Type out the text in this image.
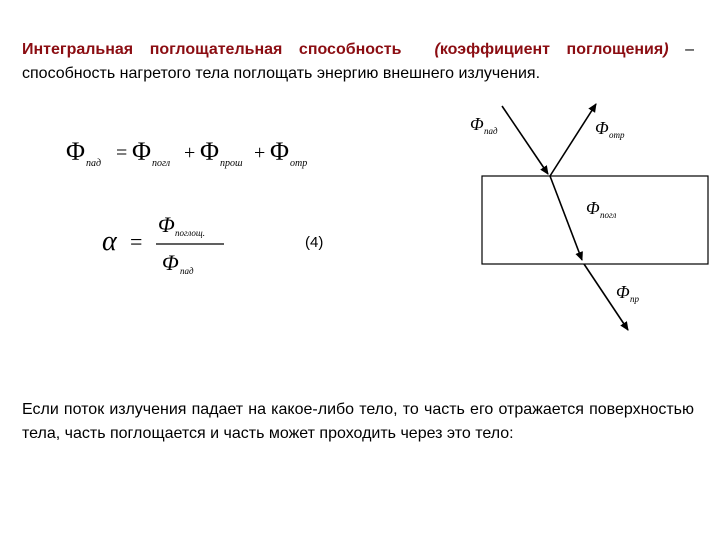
Интегральная поглощательная способность (коэффициент поглощения) – способность нагретого тела поглощать энергию внешнего излучения.
Φ пад = Φ погл + Φ прош + Φ отр
α =
Φ поглощ.
Φ пад
(4)
Φ пад	Φ отр
Φ погл
Φ пр
Если поток излучения падает на какое-либо тело, то часть его отражается поверхностью тела, часть поглощается и часть может проходить через это тело:
